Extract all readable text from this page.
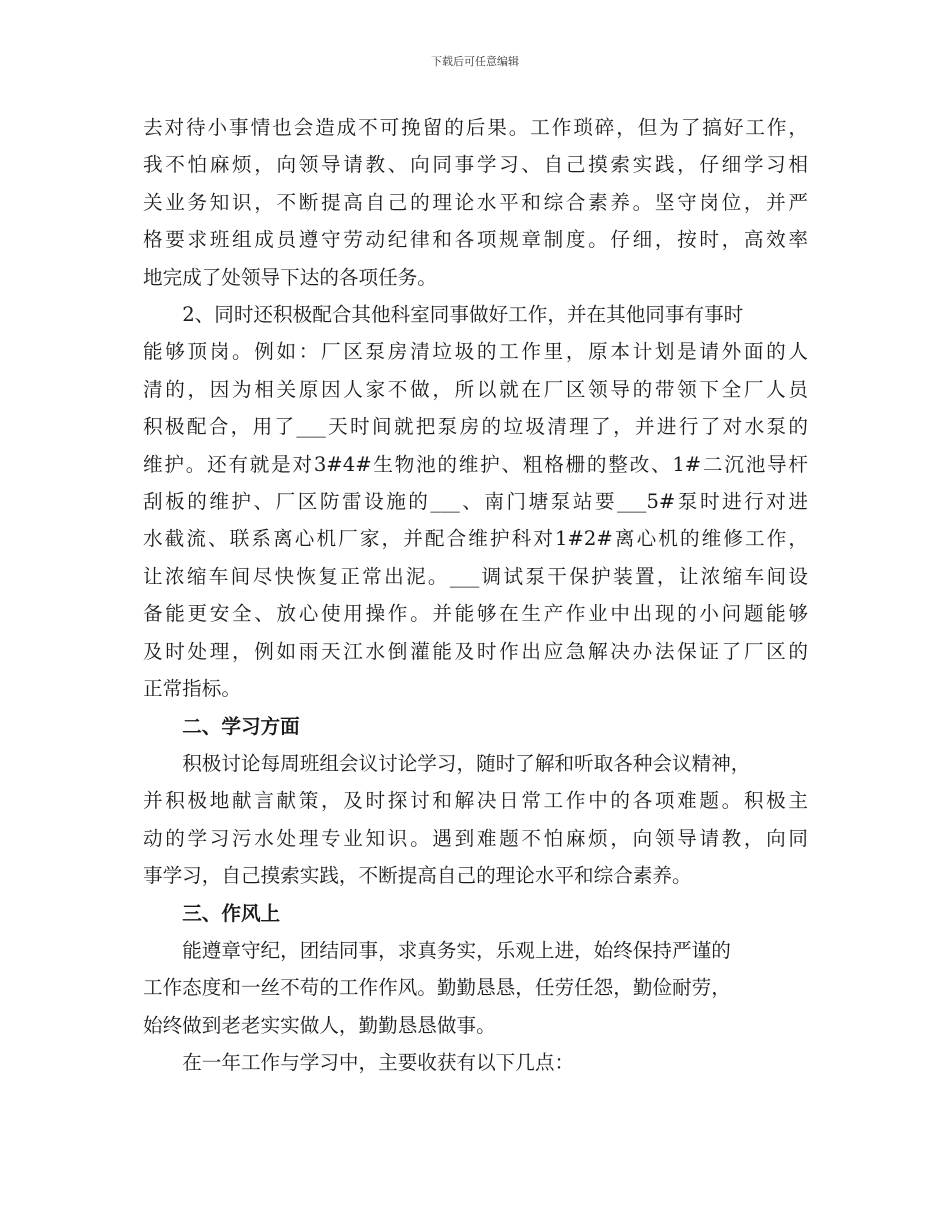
下载后可任意编辑
去对待小事情也会造成不可挽留的后果。工作琐碎，但为了搞好工作，
我不怕麻烦，向领导请教、向同事学习、自己摸索实践，仔细学习相
关业务知识，不断提高自己的理论水平和综合素养。坚守岗位，并严
格要求班组成员遵守劳动纪律和各项规章制度。仔细，按时，高效率
地完成了处领导下达的各项任务。
2、同时还积极配合其他科室同事做好工作，并在其他同事有事时
能够顶岗。例如：厂区泵房清垃圾的工作里，原本计划是请外面的人
清的，因为相关原因人家不做，所以就在厂区领导的带领下全厂人员
积极配合，用了___天时间就把泵房的垃圾清理了，并进行了对水泵的
维护。还有就是对3#4#生物池的维护、粗格栅的整改、1#二沉池导杆
刮板的维护、厂区防雷设施的___、南门塘泵站要___5#泵时进行对进
水截流、联系离心机厂家，并配合维护科对1#2#离心机的维修工作，
让浓缩车间尽快恢复正常出泥。___调试泵干保护装置，让浓缩车间设
备能更安全、放心使用操作。并能够在生产作业中出现的小问题能够
及时处理，例如雨天江水倒灌能及时作出应急解决办法保证了厂区的
正常指标。
二、学习方面
积极讨论每周班组会议讨论学习，随时了解和听取各种会议精神，
并积极地献言献策，及时探讨和解决日常工作中的各项难题。积极主
动的学习污水处理专业知识。遇到难题不怕麻烦，向领导请教，向同
事学习，自己摸索实践，不断提高自己的理论水平和综合素养。
三、作风上
能遵章守纪，团结同事，求真务实，乐观上进，始终保持严谨的
工作态度和一丝不苟的工作作风。勤勤恳恳，任劳任怨，勤俭耐劳，
始终做到老老实实做人，勤勤恳恳做事。
在一年工作与学习中，主要收获有以下几点：
